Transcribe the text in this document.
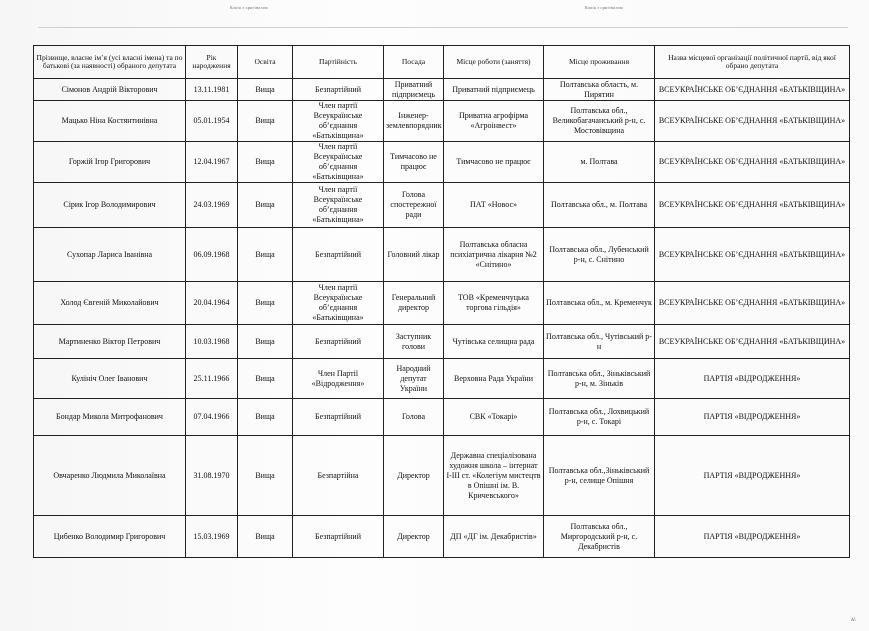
Копія з оригіналом	Копія з оригіналом
Прізвище, власне ім’я (усі власні імена) та по батькові (за наявності) обраного депутата	Рік народження	Освіта	Партійність	Посада	Місце роботи (заняття)	Місце проживання	Назва місцевої організації політичної партії, від якої обрано депутата
Сімонов Андрій Вікторович	13.11.1981	Вища	Безпартійний	Приватний підприємець	Приватний підприємець	Полтавська область, м. Пирятин	ВСЕУКРАЇНСЬКЕ ОБ’ЄДНАННЯ «БАТЬКІВЩИНА»
Мацько Ніна Костянтинівна	05.01.1954	Вища	Член партії Всеукраїнське об’єднання «Батьківщина»	Інженер-землевпорядник	Приватна агрофірма «Агроінвест»	Полтавська обл., Великобагачанський р-н, с. Мостовівщина	ВСЕУКРАЇНСЬКЕ ОБ’ЄДНАННЯ «БАТЬКІВЩИНА»
Горжій Ігор Григорович	12.04.1967	Вища	Член партії Всеукраїнське об’єднання «Батьківщина»	Тимчасово не працює	Тимчасово не працює	м. Полтава	ВСЕУКРАЇНСЬКЕ ОБ’ЄДНАННЯ «БАТЬКІВЩИНА»
Сірик Ігор Володимирович	24.03.1969	Вища	Член партії Всеукраїнське об’єднання «Батьківщина»	Голова спостережної ради	ПАТ «Новос»	Полтавська обл., м. Полтава	ВСЕУКРАЇНСЬКЕ ОБ’ЄДНАННЯ «БАТЬКІВЩИНА»
Сухопар Лариса Іванівна	06.09.1968	Вища	Безпартійний	Головний лікар	Полтавська обласна психіатрична лікарня №2 «Снітино»	Полтавська обл., Лубенський р-н, с. Снітино	ВСЕУКРАЇНСЬКЕ ОБ’ЄДНАННЯ «БАТЬКІВЩИНА»
Холод Євгеній Миколайович	20.04.1964	Вища	Член партії Всеукраїнське об’єднання «Батьківщина»	Генеральний директор	ТОВ «Кременчуцька торгова гільдія»	Полтавська обл., м. Кременчук	ВСЕУКРАЇНСЬКЕ ОБ’ЄДНАННЯ «БАТЬКІВЩИНА»
Мартиненко Віктор Петрович	10.03.1968	Вища	Безпартійний	Заступник голови	Чутівська селищна рада	Полтавська обл., Чутівський р-н	ВСЕУКРАЇНСЬКЕ ОБ’ЄДНАННЯ «БАТЬКІВЩИНА»
Кулініч Олег Іванович	25.11.1966	Вища	Член Партії «Відродження»	Народний депутат України	Верховна Рада України	Полтавська обл., Зіньківський р-н, м. Зіньків	ПАРТІЯ «ВІДРОДЖЕННЯ»
Бондар Микола Митрофанович	07.04.1966	Вища	Безпартійний	Голова	СВК «Токарі»	Полтавська обл., Лохвицький р-н, с. Токарі	ПАРТІЯ «ВІДРОДЖЕННЯ»
Овчаренко Людмила Миколаївна	31.08.1970	Вища	Безпартійна	Директор	Державна спеціалізована художня школа – інтернат І-ІІІ ст. «Колегіум мистецтв в Опішні ім. В. Кричевського»	Полтавська обл.,Зіньківський р-н, селище Опішня	ПАРТІЯ «ВІДРОДЖЕННЯ»
Цибенко Володимир Григорович	15.03.1969	Вища	Безпартійний	Директор	ДП «ДГ ім. Декабристів»	Полтавська обл., Миргородський р-н, с. Декабристів	ПАРТІЯ «ВІДРОДЖЕННЯ»
ᴧ\
